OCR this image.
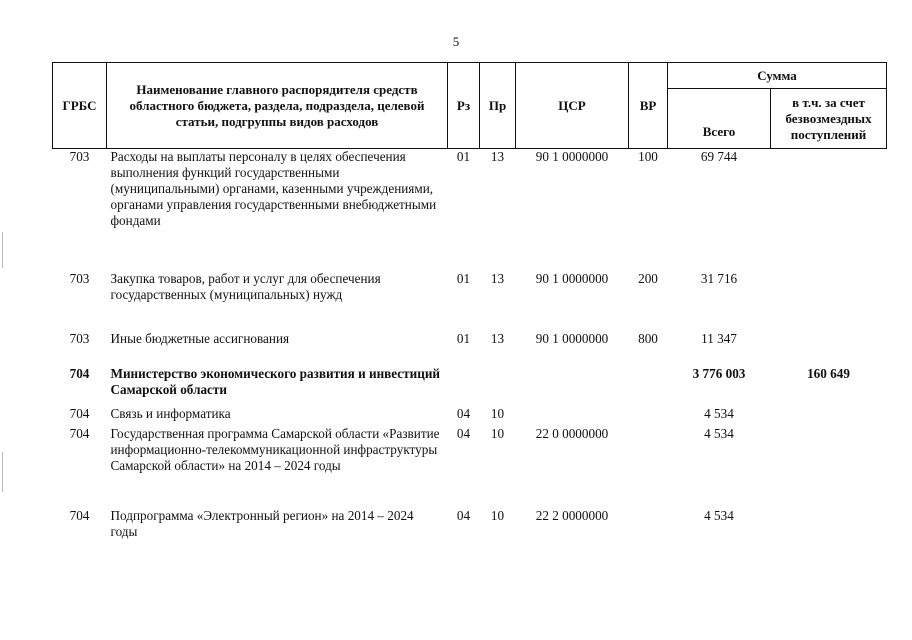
5
ГРБС	Наименование главного распорядителя средств областного бюджета, раздела, подраздела, целевой статьи, подгруппы видов расходов	Рз	Пр	ЦСР	ВР	Сумма	
						Всего	в т.ч. за счет безвозмездных поступлений
703	Расходы на выплаты персоналу в целях обеспечения выполнения функций государственными (муниципальными) органами, казенными учреждениями, органами управления государственными внебюджетными фондами	01	13	90 1 0000000	100	69 744	
703	Закупка товаров, работ и услуг для обеспечения государственных (муниципальных) нужд	01	13	90 1 0000000	200	31 716	
703	Иные бюджетные ассигнования	01	13	90 1 0000000	800	11 347	
704	Министерство экономического развития и инвестиций Самарской области					3 776 003	160 649
704	Связь и информатика	04	10			4 534	
704	Государственная программа Самарской области «Развитие информационно-телекоммуникационной инфраструктуры Самарской области» на 2014 – 2024 годы	04	10	22 0 0000000		4 534	
704	Подпрограмма «Электронный регион» на 2014 – 2024 годы	04	10	22 2 0000000		4 534	
